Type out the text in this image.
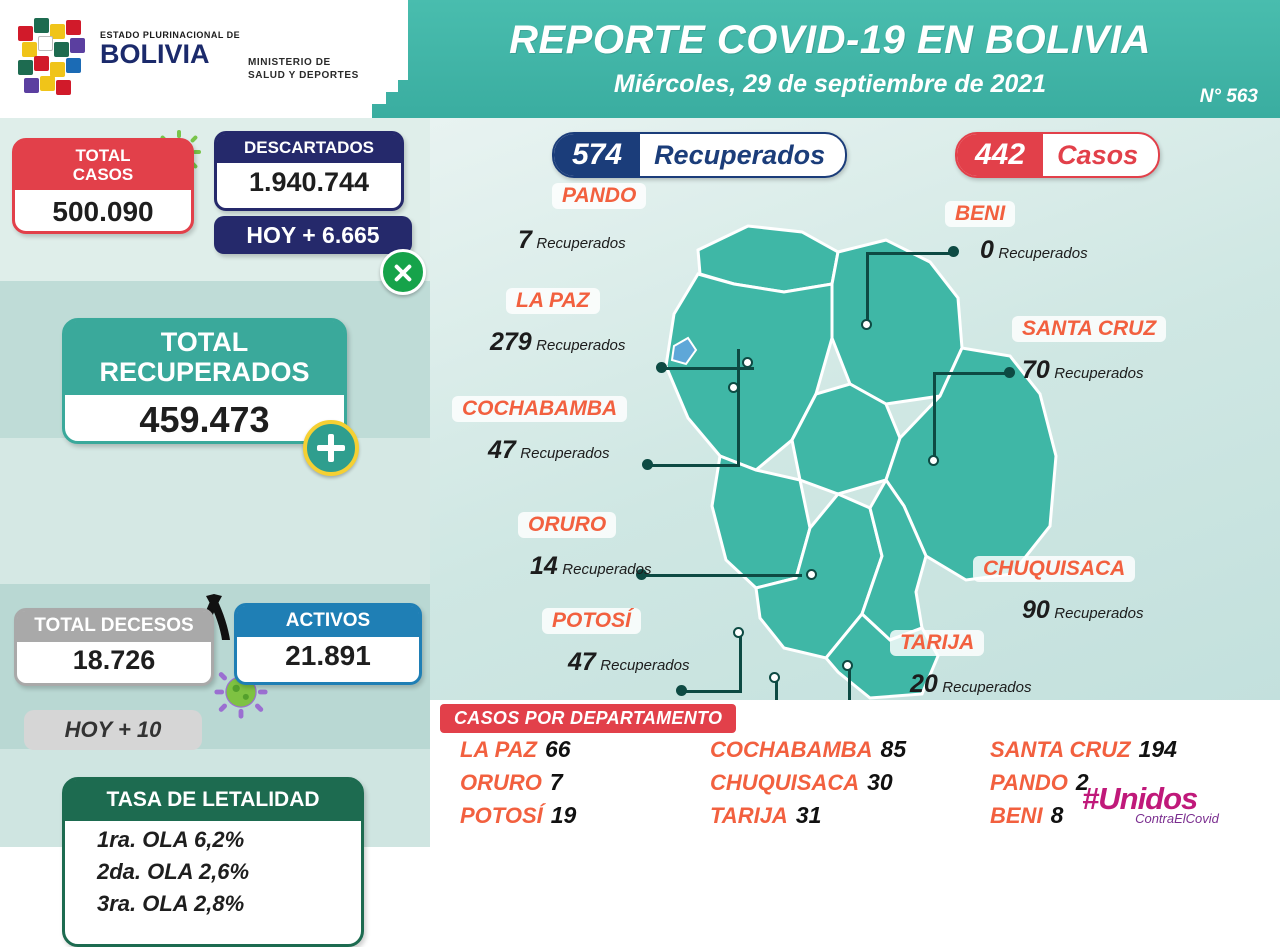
ESTADO PLURINACIONAL DE
BOLIVIA	MINISTERIO DE
SALUD Y DEPORTES
REPORTE COVID-19 EN BOLIVIA
Miércoles, 29 de septiembre de 2021	N° 563
TOTAL
CASOS
500.090
DESCARTADOS
1.940.744
HOY + 6.665
TOTAL
RECUPERADOS
459.473
TOTAL DECESOS
18.726
HOY + 10
ACTIVOS
21.891
TASA DE LETALIDAD
1ra. OLA 6,2%
2da. OLA 2,6%
3ra. OLA 2,8%
574	Recuperados	442	Casos
PANDO
7 Recuperados
BENI
0 Recuperados
LA PAZ
279 Recuperados
SANTA CRUZ
70 Recuperados
COCHABAMBA
47 Recuperados
ORURO
14 Recuperados	CHUQUISACA
90 Recuperados
POTOSÍ
47 Recuperados
TARIJA
20 Recuperados
CASOS POR DEPARTAMENTO
LA PAZ 66	COCHABAMBA 85	SANTA CRUZ 194
ORURO 7	CHUQUISACA 30	PANDO 2
POTOSÍ 19	TARIJA 31	BENI 8 #Unidos
ContraElCovid
